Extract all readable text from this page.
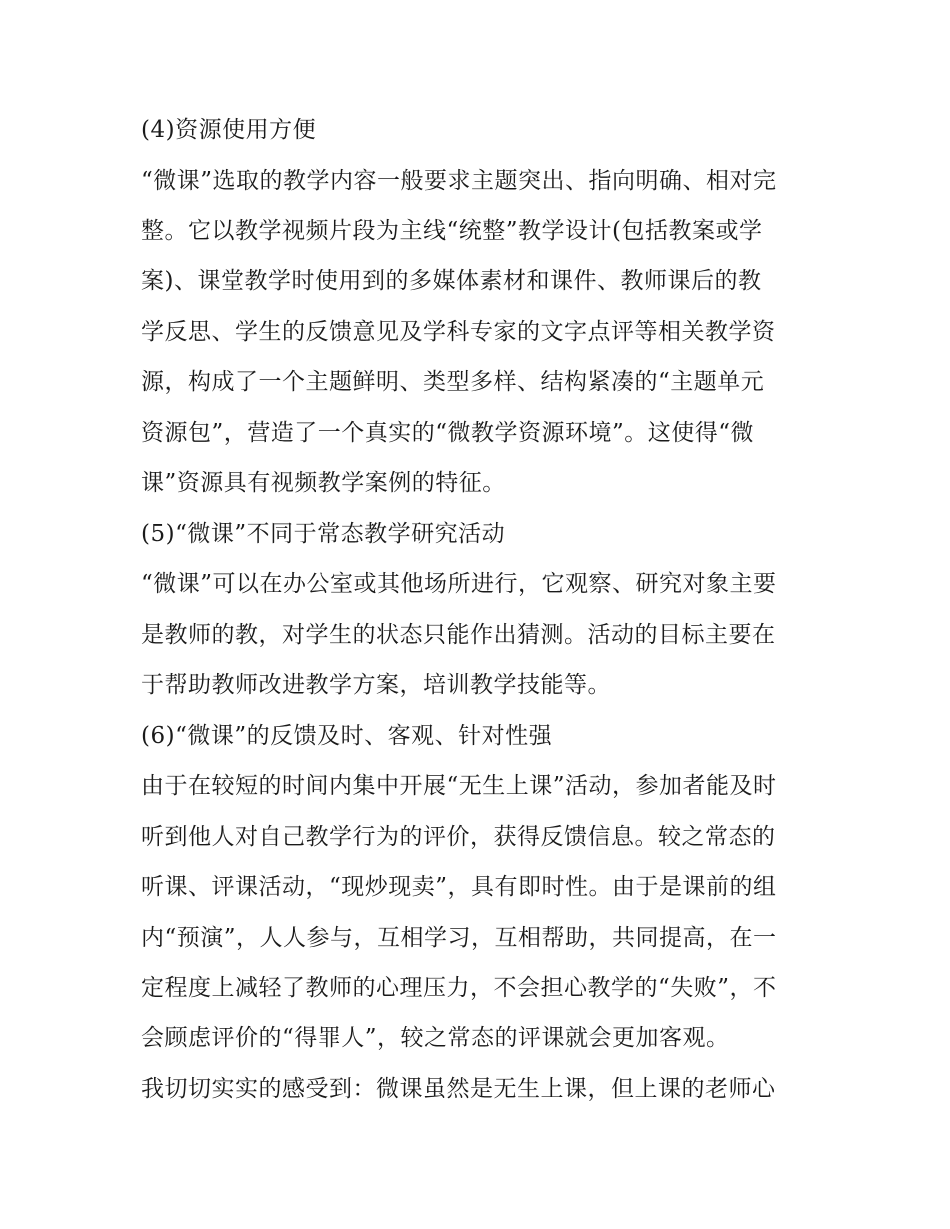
(4)资源使用方便
“微课”选取的教学内容一般要求主题突出、指向明确、相对完
整。它以教学视频片段为主线“统整”教学设计(包括教案或学
案)、课堂教学时使用到的多媒体素材和课件、教师课后的教
学反思、学生的反馈意见及学科专家的文字点评等相关教学资
源，构成了一个主题鲜明、类型多样、结构紧凑的“主题单元
资源包”，营造了一个真实的“微教学资源环境”。这使得“微
课”资源具有视频教学案例的特征。
(5)“微课”不同于常态教学研究活动
“微课”可以在办公室或其他场所进行，它观察、研究对象主要
是教师的教，对学生的状态只能作出猜测。活动的目标主要在
于帮助教师改进教学方案，培训教学技能等。
(6)“微课”的反馈及时、客观、针对性强
由于在较短的时间内集中开展“无生上课”活动，参加者能及时
听到他人对自己教学行为的评价，获得反馈信息。较之常态的
听课、评课活动，“现炒现卖”，具有即时性。由于是课前的组
内“预演”，人人参与，互相学习，互相帮助，共同提高，在一
定程度上减轻了教师的心理压力，不会担心教学的“失败”，不
会顾虑评价的“得罪人”，较之常态的评课就会更加客观。
我切切实实的感受到：微课虽然是无生上课，但上课的老师心
